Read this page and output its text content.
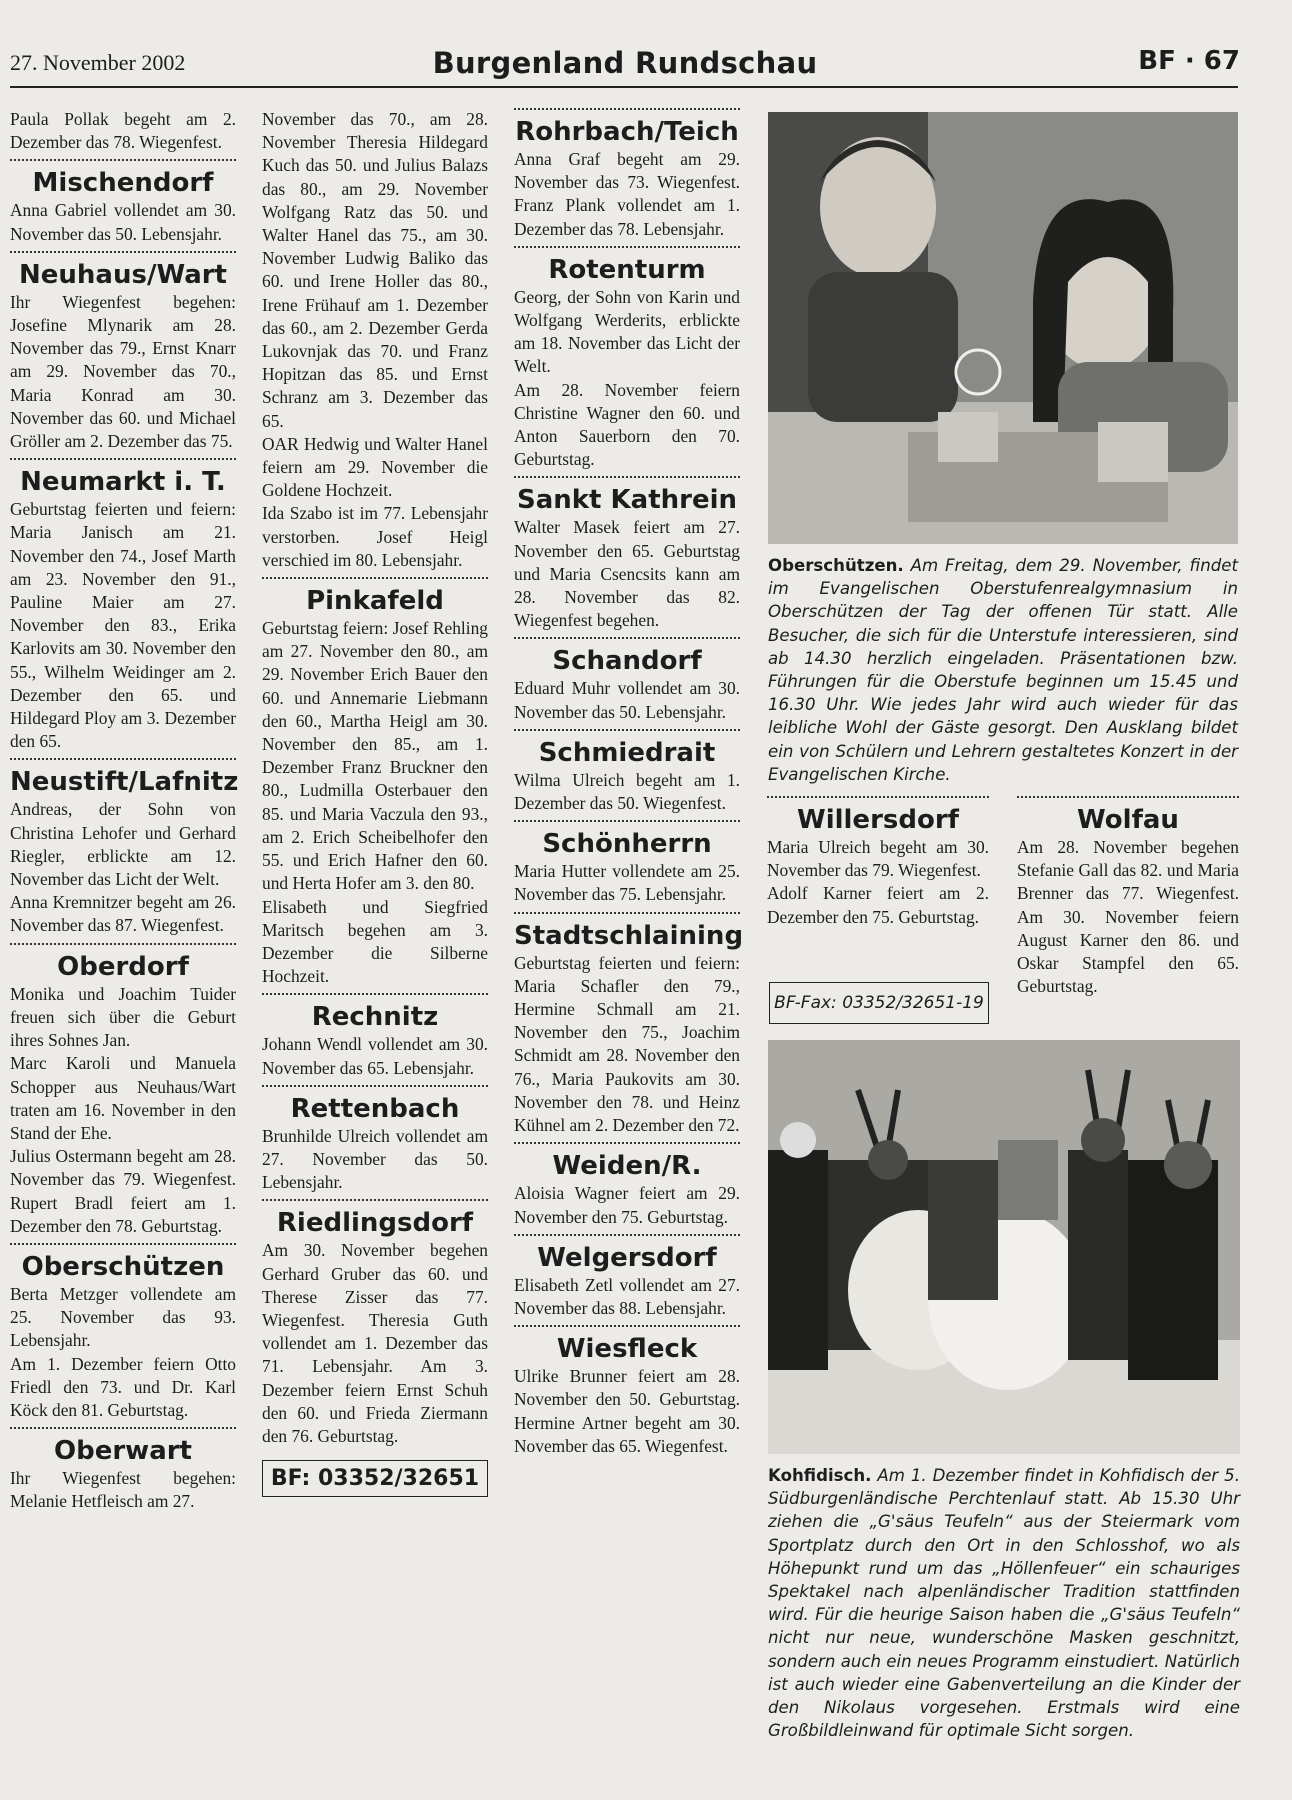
27. November 2002	Burgenland Rundschau	BF · 67

Paula Pollak begeht am 2. Dezember das 78. Wiegenfest.

Mischendorf

Anna Gabriel vollendet am 30. November das 50. Lebensjahr.

Neuhaus/Wart

Ihr Wiegenfest begehen: Josefine Mlynarik am 28. November das 79., Ernst Knarr am 29. November das 70., Maria Konrad am 30. November das 60. und Michael Gröller am 2. Dezember das 75.

Neumarkt i. T.

Geburtstag feierten und feiern: Maria Janisch am 21. November den 74., Josef Marth am 23. November den 91., Pauline Maier am 27. November den 83., Erika Karlovits am 30. November den 55., Wilhelm Weidinger am 2. Dezember den 65. und Hildegard Ploy am 3. Dezember den 65.

Neustift/Lafnitz

Andreas, der Sohn von Christina Lehofer und Gerhard Riegler, erblickte am 12. November das Licht der Welt.

Anna Kremnitzer begeht am 26. November das 87. Wiegenfest.

Oberdorf

Monika und Joachim Tuider freuen sich über die Geburt ihres Sohnes Jan.

Marc Karoli und Manuela Schopper aus Neuhaus/Wart traten am 16. November in den Stand der Ehe.

Julius Ostermann begeht am 28. November das 79. Wiegenfest. Rupert Bradl feiert am 1. Dezember den 78. Geburtstag.

Oberschützen

Berta Metzger vollendete am 25. November das 93. Lebensjahr.

Am 1. Dezember feiern Otto Friedl den 73. und Dr. Karl Köck den 81. Geburtstag.

Oberwart

Ihr Wiegenfest begehen: Melanie Hetfleisch am 27.

November das 70., am 28. November Theresia Hildegard Kuch das 50. und Julius Balazs das 80., am 29. November Wolfgang Ratz das 50. und Walter Hanel das 75., am 30. November Ludwig Baliko das 60. und Irene Holler das 80., Irene Frühauf am 1. Dezember das 60., am 2. Dezember Gerda Lukovnjak das 70. und Franz Hopitzan das 85. und Ernst Schranz am 3. Dezember das 65.

OAR Hedwig und Walter Hanel feiern am 29. November die Goldene Hochzeit.

Ida Szabo ist im 77. Lebensjahr verstorben. Josef Heigl verschied im 80. Lebensjahr.

Pinkafeld

Geburtstag feiern: Josef Rehling am 27. November den 80., am 29. November Erich Bauer den 60. und Annemarie Liebmann den 60., Martha Heigl am 30. November den 85., am 1. Dezember Franz Bruckner den 80., Ludmilla Osterbauer den 85. und Maria Vaczula den 93., am 2. Erich Scheibelhofer den 55. und Erich Hafner den 60. und Herta Hofer am 3. den 80.

Elisabeth und Siegfried Maritsch begehen am 3. Dezember die Silberne Hochzeit.

Rechnitz

Johann Wendl vollendet am 30. November das 65. Lebensjahr.

Rettenbach

Brunhilde Ulreich vollendet am 27. November das 50. Lebensjahr.

Riedlingsdorf

Am 30. November begehen Gerhard Gruber das 60. und Therese Zisser das 77. Wiegenfest. Theresia Guth vollendet am 1. Dezember das 71. Lebensjahr. Am 3. Dezember feiern Ernst Schuh den 60. und Frieda Ziermann den 76. Geburtstag.

BF: 03352/32651
Rohrbach/Teich

Anna Graf begeht am 29. November das 73. Wiegenfest. Franz Plank vollendet am 1. Dezember das 78. Lebensjahr.

Rotenturm

Georg, der Sohn von Karin und Wolfgang Werderits, erblickte am 18. November das Licht der Welt.

Am 28. November feiern Christine Wagner den 60. und Anton Sauerborn den 70. Geburtstag.

Sankt Kathrein

Walter Masek feiert am 27. November den 65. Geburtstag und Maria Csencsits kann am 28. November das 82. Wiegenfest begehen.

Schandorf

Eduard Muhr vollendet am 30. November das 50. Lebensjahr.

Schmiedrait

Wilma Ulreich begeht am 1. Dezember das 50. Wiegenfest.

Schönherrn

Maria Hutter vollendete am 25. November das 75. Lebensjahr.

Stadtschlaining

Geburtstag feierten und feiern: Maria Schafler den 79., Hermine Schmall am 21. November den 75., Joachim Schmidt am 28. November den 76., Maria Paukovits am 30. November den 78. und Heinz Kühnel am 2. Dezember den 72.

Weiden/R.

Aloisia Wagner feiert am 29. November den 75. Geburtstag.

Welgersdorf

Elisabeth Zetl vollendet am 27. November das 88. Lebensjahr.

Wiesfleck

Ulrike Brunner feiert am 28. November den 50. Geburtstag. Hermine Artner begeht am 30. November das 65. Wiegenfest.

Oberschützen. Am Freitag, dem 29. November, findet im Evangelischen Oberstufenrealgymnasium in Oberschützen der Tag der offenen Tür statt. Alle Besucher, die sich für die Unterstufe interessieren, sind ab 14.30 herzlich eingeladen. Präsentationen bzw. Führungen für die Oberstufe beginnen um 15.45 und 16.30 Uhr. Wie jedes Jahr wird auch wieder für das leibliche Wohl der Gäste gesorgt. Den Ausklang bildet ein von Schülern und Lehrern gestaltetes Konzert in der Evangelischen Kirche.

Willersdorf

Maria Ulreich begeht am 30. November das 79. Wiegenfest.

Adolf Karner feiert am 2. Dezember den 75. Geburtstag.

Wolfau

Am 28. November begehen Stefanie Gall das 82. und Maria Brenner das 77. Wiegenfest. Am 30. November feiern August Karner den 86. und Oskar Stampfel den 65. Geburtstag.

BF-Fax: 03352/32651-19

Kohfidisch. Am 1. Dezember findet in Kohfidisch der 5. Südburgenländische Perchtenlauf statt. Ab 15.30 Uhr ziehen die „G'säus Teufeln“ aus der Steiermark vom Sportplatz durch den Ort in den Schlosshof, wo als Höhepunkt rund um das „Höllenfeuer“ ein schauriges Spektakel nach alpenländischer Tradition stattfinden wird. Für die heurige Saison haben die „G'säus Teufeln“ nicht nur neue, wunderschöne Masken geschnitzt, sondern auch ein neues Programm einstudiert. Natürlich ist auch wieder eine Gabenverteilung an die Kinder der den Nikolaus vorgesehen. Erstmals wird eine Großbildleinwand für optimale Sicht sorgen.
